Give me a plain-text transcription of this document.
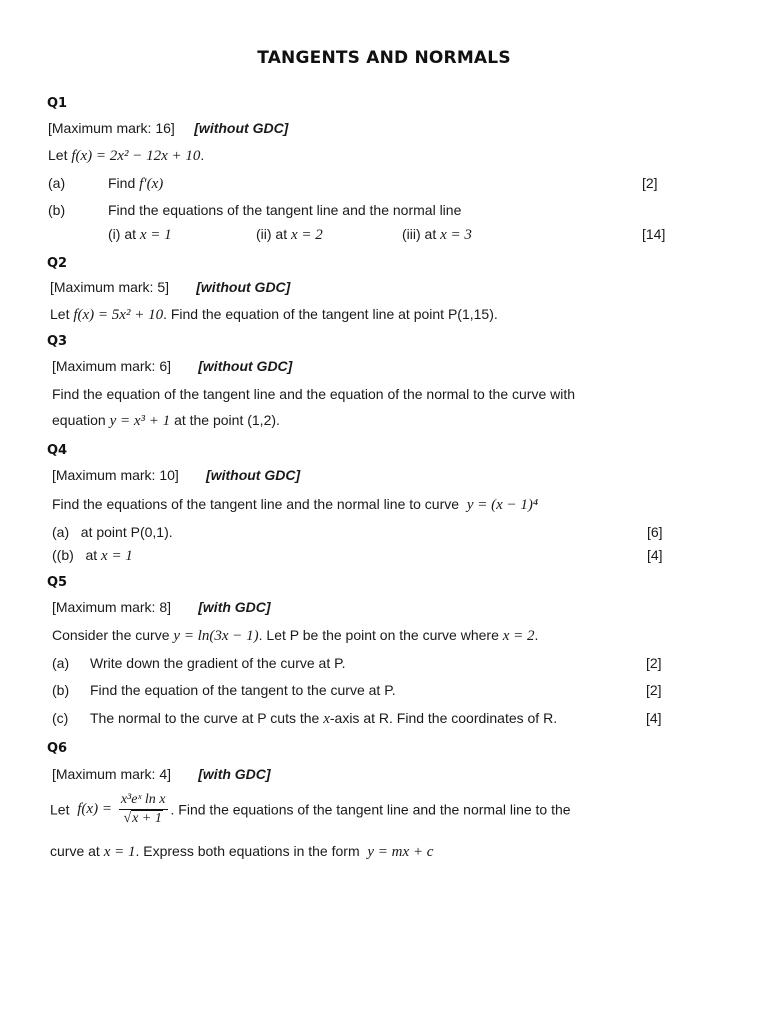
TANGENTS AND NORMALS
Q1
[Maximum mark: 16] [without GDC]
Let f(x) = 2x² − 12x + 10.
(a)	Find f′(x)	[2]
(b)	Find the equations of the tangent line and the normal line
(i) at x = 1	(ii) at x = 2	(iii) at x = 3	[14]
Q2
[Maximum mark: 5] [without GDC]
Let f(x) = 5x² + 10. Find the equation of the tangent line at point P(1,15).
Q3
[Maximum mark: 6] [without GDC]
Find the equation of the tangent line and the equation of the normal to the curve with
equation y = x³ + 1 at the point (1,2).
Q4
[Maximum mark: 10] [without GDC]
Find the equations of the tangent line and the normal line to curve y = (x − 1)⁴
(a) at point P(0,1).	[6]
((b) at x = 1	[4]
Q5
[Maximum mark: 8] [with GDC]
Consider the curve y = ln(3x − 1). Let P be the point on the curve where x = 2.
(a) Write down the gradient of the curve at P.	[2]
(b) Find the equation of the tangent to the curve at P.	[2]
(c) The normal to the curve at P cuts the x-axis at R. Find the coordinates of R.	[4]
Q6
[Maximum mark: 4] [with GDC]
Let $f(x) = \frac{\text{x³eˣ ln x}}{√x + 1}$ . Find the equations of the tangent line and the normal line to the
curve at x = 1. Express both equations in the form y = mx + c
